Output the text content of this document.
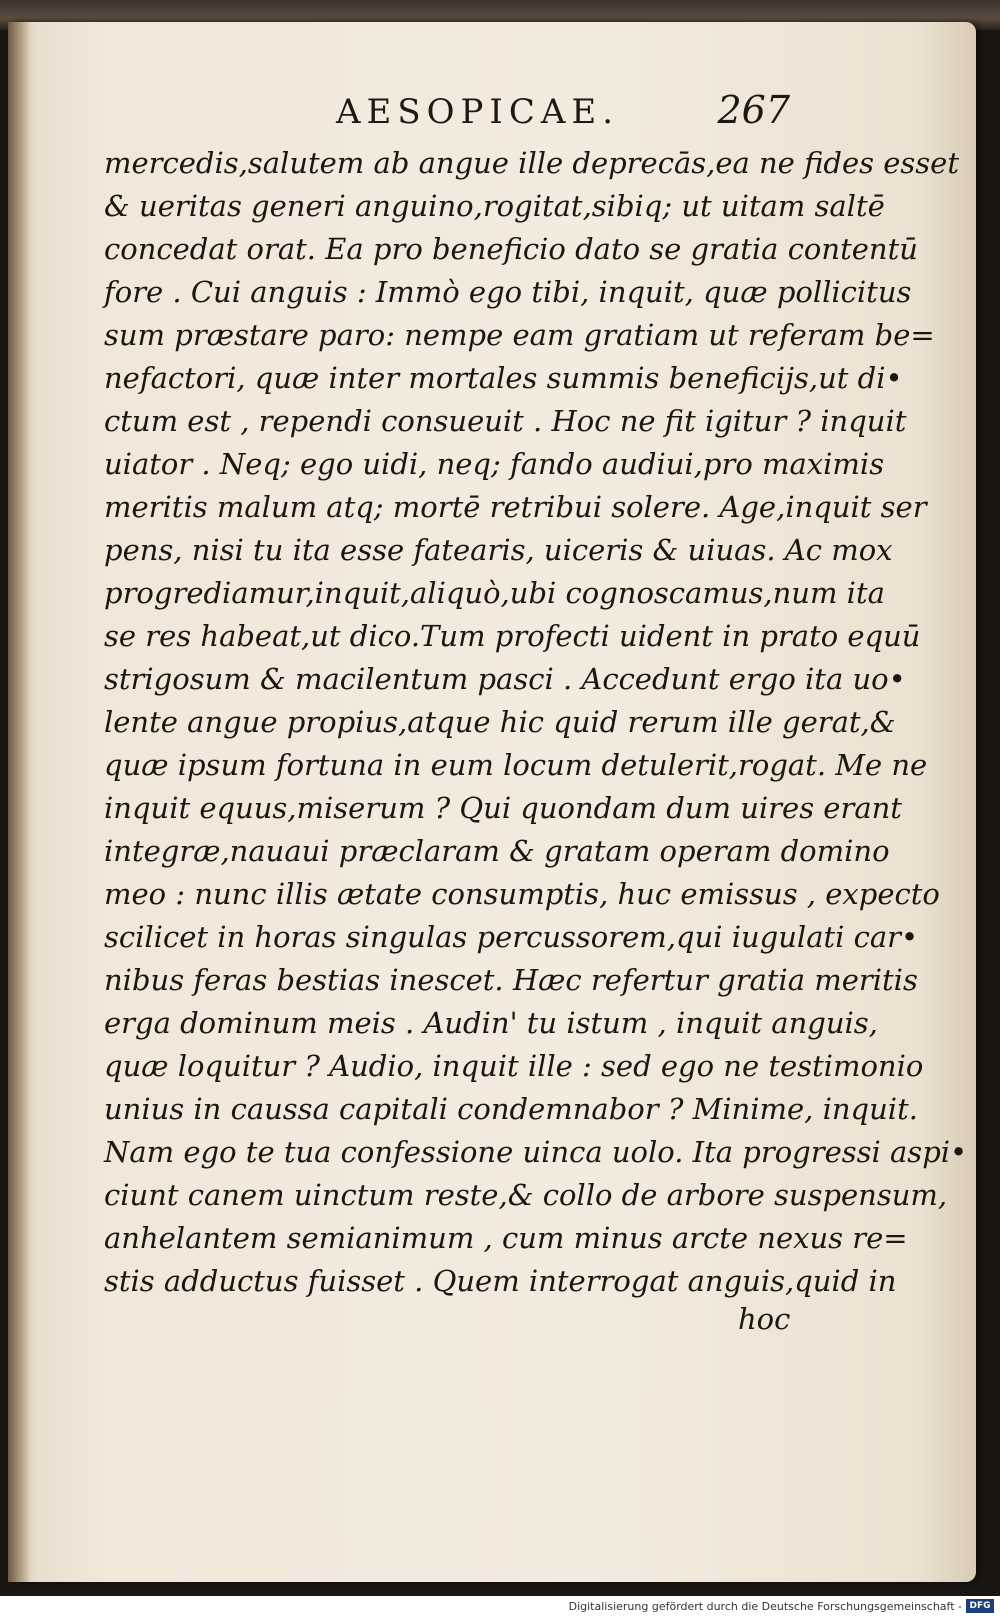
AESOPICAE.	267
mercedis,salutem ab angue ille deprecās,ea ne fides esset
& ueritas generi anguino,rogitat,sibiq; ut uitam saltē
concedat orat. Ea pro beneficio dato se gratia contentū
fore . Cui anguis : Immò ego tibi, inquit, quæ pollicitus
sum præstare paro: nempe eam gratiam ut referam be=
nefactori, quæ inter mortales summis beneficijs,ut di•
ctum est , rependi consueuit . Hoc ne fit igitur ? inquit
uiator . Neq; ego uidi, neq; fando audiui,pro maximis
meritis malum atq; mortē retribui solere. Age,inquit ser
pens, nisi tu ita esse fatearis, uiceris & uiuas. Ac mox
progrediamur,inquit,aliquò,ubi cognoscamus,num ita
se res habeat,ut dico.Tum profecti uident in prato equū
strigosum & macilentum pasci . Accedunt ergo ita uo•
lente angue propius,atque hic quid rerum ille gerat,&
quæ ipsum fortuna in eum locum detulerit,rogat. Me ne
inquit equus,miserum ? Qui quondam dum uires erant
integræ,nauaui præclaram & gratam operam domino
meo : nunc illis ætate consumptis, huc emissus , expecto
scilicet in horas singulas percussorem,qui iugulati car•
nibus feras bestias inescet. Hæc refertur gratia meritis
erga dominum meis . Audin' tu istum , inquit anguis,
quæ loquitur ? Audio, inquit ille : sed ego ne testimonio
unius in caussa capitali condemnabor ? Minime, inquit.
Nam ego te tua confessione uinca uolo. Ita progressi aspi•
ciunt canem uinctum reste,& collo de arbore suspensum,
anhelantem semianimum , cum minus arcte nexus re=
stis adductus fuisset . Quem interrogat anguis,quid in
hoc
Digitalisierung gefördert durch die Deutsche Forschungsgemeinschaft - DFG
